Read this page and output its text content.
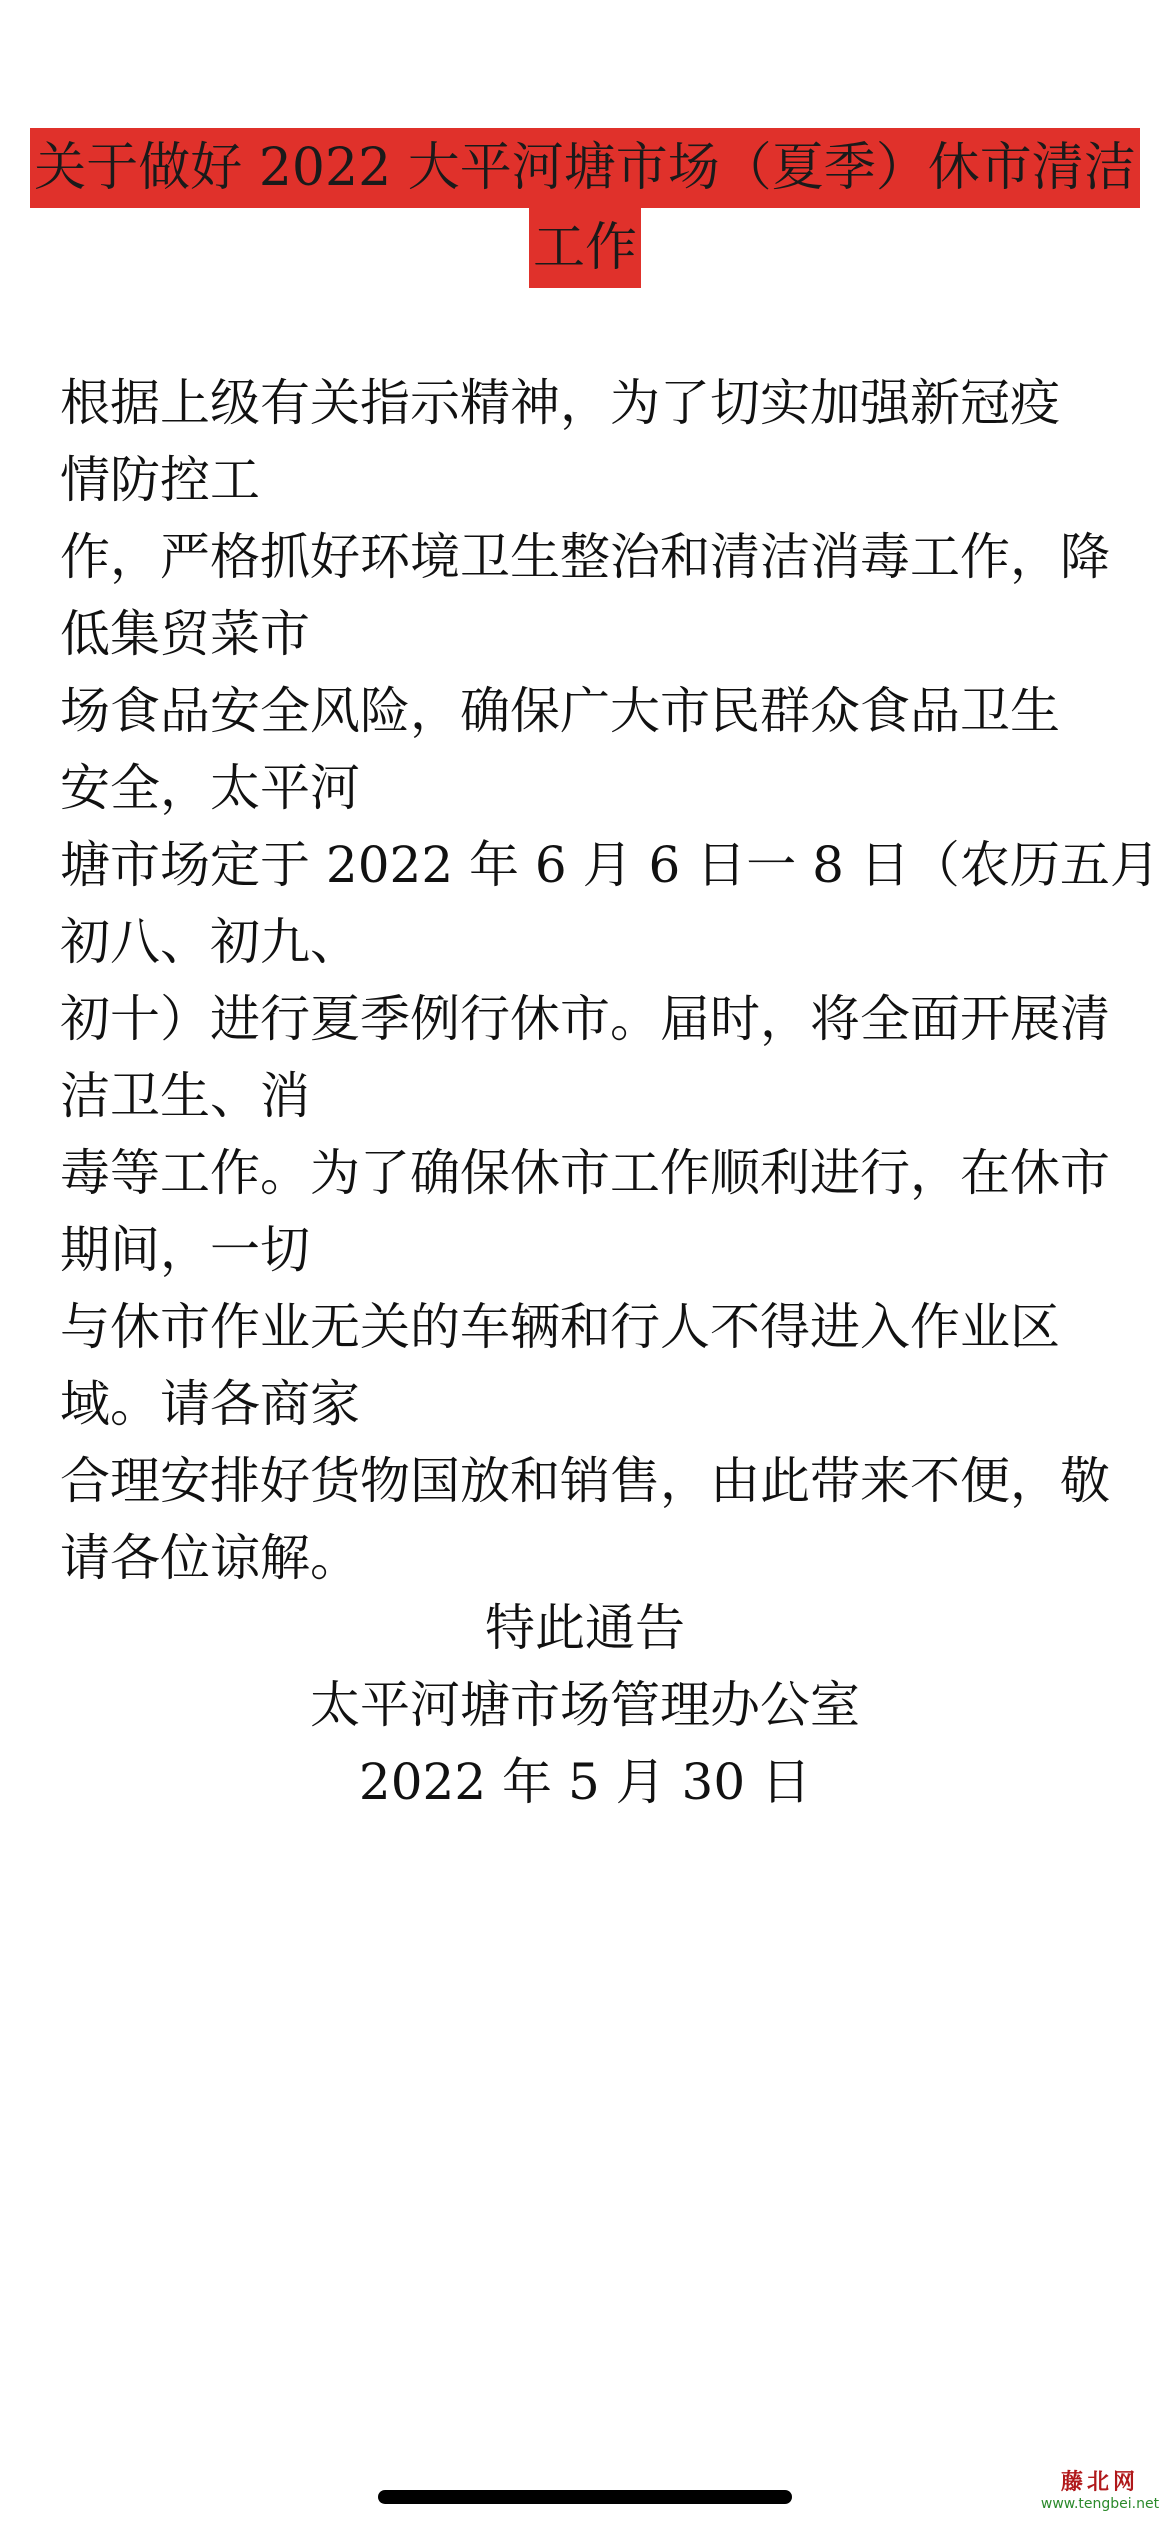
关于做好 2022 大平河塘市场（夏季）休市清洁
工作

根据上级有关指示精神，为了切实加强新冠疫

情防控工

作，严格抓好环境卫生整治和清洁消毒工作，降

低集贸菜市

场食品安全风险，确保广大市民群众食品卫生

安全，太平河

塘市场定于 2022 年 6 月 6 日一 8 日（农历五月

初八、初九、

初十）进行夏季例行休市。届时，将全面开展清

洁卫生、消

毒等工作。为了确保休市工作顺利进行，在休市

期间，一切

与休市作业无关的车辆和行人不得进入作业区

域。请各商家

合理安排好货物国放和销售，由此带来不便，敬

请各位谅解。

特此通告
太平河塘市场管理办公室
2022 年 5 月 30 日
藤北网
www.tengbei.net
